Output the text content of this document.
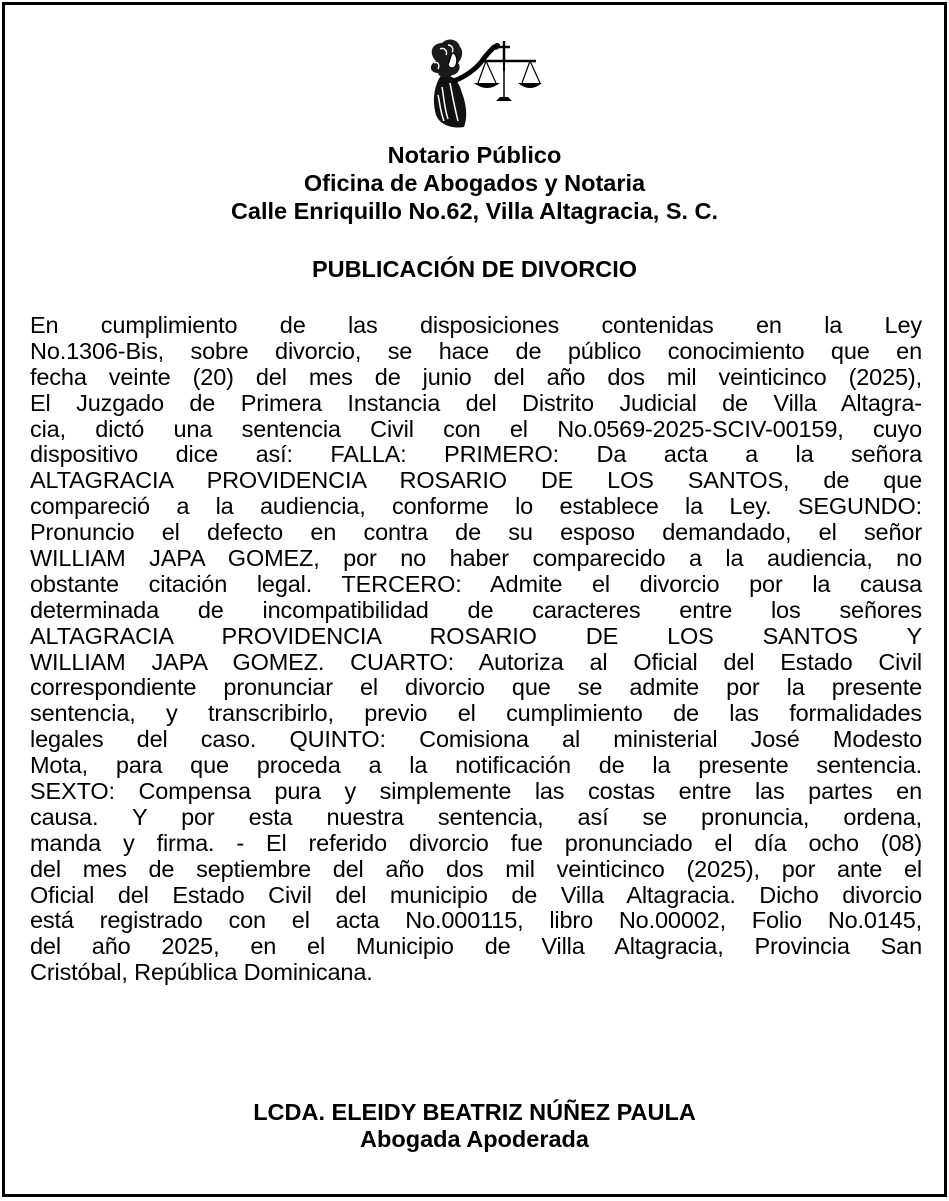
Notario Público
Oficina de Abogados y Notaria
Calle Enriquillo No.62, Villa Altagracia, S. C.
PUBLICACIÓN DE DIVORCIO
En cumplimiento de las disposiciones contenidas en la Ley
No.1306-Bis, sobre divorcio, se hace de público conocimiento que en
fecha veinte (20) del mes de junio del año dos mil veinticinco (2025),
El Juzgado de Primera Instancia del Distrito Judicial de Villa Altagra-
cia, dictó una sentencia Civil con el No.0569-2025-SCIV-00159, cuyo
dispositivo dice así: FALLA: PRIMERO: Da acta a la señora
ALTAGRACIA PROVIDENCIA ROSARIO DE LOS SANTOS, de que
compareció a la audiencia, conforme lo establece la Ley. SEGUNDO:
Pronuncio el defecto en contra de su esposo demandado, el señor
WILLIAM JAPA GOMEZ, por no haber comparecido a la audiencia, no
obstante citación legal. TERCERO: Admite el divorcio por la causa
determinada de incompatibilidad de caracteres entre los señores
ALTAGRACIA PROVIDENCIA ROSARIO DE LOS SANTOS Y
WILLIAM JAPA GOMEZ. CUARTO: Autoriza al Oficial del Estado Civil
correspondiente pronunciar el divorcio que se admite por la presente
sentencia, y transcribirlo, previo el cumplimiento de las formalidades
legales del caso. QUINTO: Comisiona al ministerial José Modesto
Mota, para que proceda a la notificación de la presente sentencia.
SEXTO: Compensa pura y simplemente las costas entre las partes en
causa. Y por esta nuestra sentencia, así se pronuncia, ordena,
manda y firma. - El referido divorcio fue pronunciado el día ocho (08)
del mes de septiembre del año dos mil veinticinco (2025), por ante el
Oficial del Estado Civil del municipio de Villa Altagracia. Dicho divorcio
está registrado con el acta No.000115, libro No.00002, Folio No.0145,
del año 2025, en el Municipio de Villa Altagracia, Provincia San
Cristóbal, República Dominicana.
LCDA. ELEIDY BEATRIZ NÚÑEZ PAULA
Abogada Apoderada
